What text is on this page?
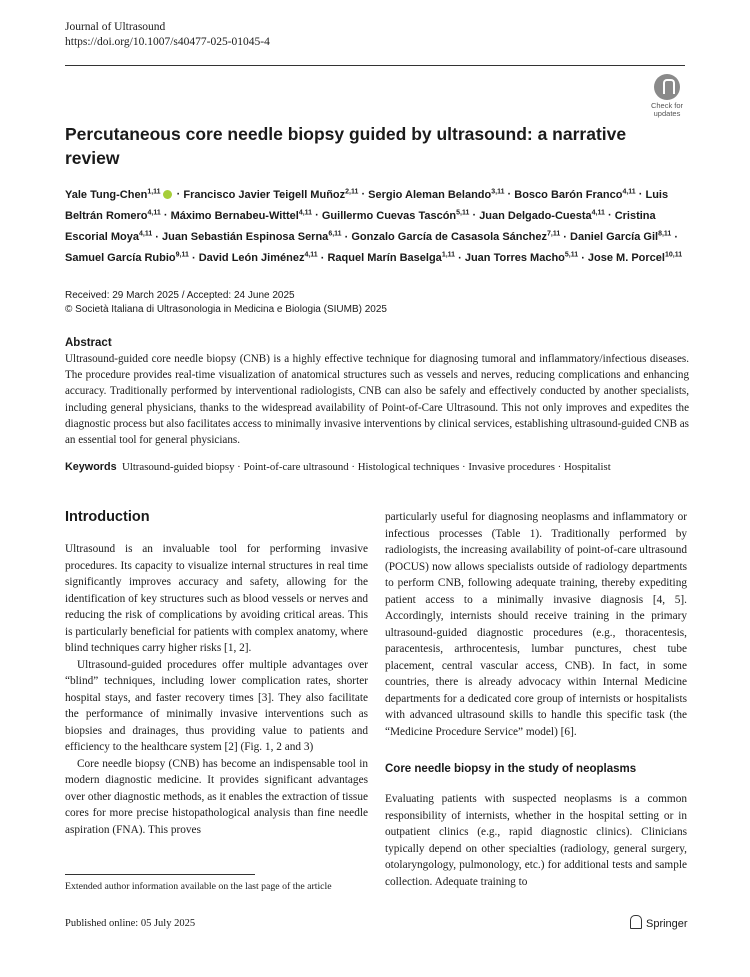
Journal of Ultrasound
https://doi.org/10.1007/s40477-025-01045-4
Check for updates
Percutaneous core needle biopsy guided by ultrasound: a narrative review
Yale Tung-Chen$^{1,11}$ · Francisco Javier Teigell Muñoz$^{2,11}$ · Sergio Aleman Belando$^{3,11}$ · Bosco Barón Franco$^{4,11}$ · Luis Beltrán Romero$^{4,11}$ · Máximo Bernabeu-Wittel$^{4,11}$ · Guillermo Cuevas Tascón$^{5,11}$ · Juan Delgado-Cuesta$^{4,11}$ · Cristina Escorial Moya$^{4,11}$ · Juan Sebastián Espinosa Serna$^{6,11}$ · Gonzalo García de Casasola Sánchez$^{7,11}$ · Daniel García Gil$^{8,11}$ · Samuel García Rubio$^{9,11}$ · David León Jiménez$^{4,11}$ · Raquel Marín Baselga$^{1,11}$ · Juan Torres Macho$^{5,11}$ · Jose M. Porcel$^{10,11}$
Received: 29 March 2025 / Accepted: 24 June 2025
© Società Italiana di Ultrasonologia in Medicina e Biologia (SIUMB) 2025
Abstract
Ultrasound-guided core needle biopsy (CNB) is a highly effective technique for diagnosing tumoral and inflammatory/infectious diseases. The procedure provides real-time visualization of anatomical structures such as vessels and nerves, reducing complications and enhancing accuracy. Traditionally performed by interventional radiologists, CNB can also be safely and effectively conducted by another specialists, including general physicians, thanks to the widespread availability of Point-of-Care Ultrasound. This not only improves and expedites the diagnostic process but also facilitates access to minimally invasive interventions by clinical services, establishing ultrasound-guided CNB as an essential tool for general physicians.
Keywords Ultrasound-guided biopsy · Point-of-care ultrasound · Histological techniques · Invasive procedures · Hospitalist
Introduction

Ultrasound is an invaluable tool for performing invasive procedures. Its capacity to visualize internal structures in real time significantly improves accuracy and safety, allowing for the identification of key structures such as blood vessels or nerves and reducing the risk of complications by avoiding critical areas. This is particularly beneficial for patients with complex anatomy, where blind techniques carry higher risks [1, 2].

Ultrasound-guided procedures offer multiple advantages over “blind” techniques, including lower complication rates, shorter hospital stays, and faster recovery times [3]. They also facilitate the performance of minimally invasive interventions such as biopsies and drainages, thus providing value to patients and efficiency to the healthcare system [2] (Fig. 1, 2 and 3)

Core needle biopsy (CNB) has become an indispensable tool in modern diagnostic medicine. It provides significant advantages over other diagnostic methods, as it enables the extraction of tissue cores for more precise histopathological analysis than fine needle aspiration (FNA). This proves

particularly useful for diagnosing neoplasms and inflammatory or infectious processes (Table 1). Traditionally performed by radiologists, the increasing availability of point-of-care ultrasound (POCUS) now allows specialists outside of radiology departments to perform CNB, following adequate training, thereby expediting patient access to a minimally invasive diagnosis [4, 5]. Accordingly, internists should receive training in the primary ultrasound-guided diagnostic procedures (e.g., thoracentesis, paracentesis, arthrocentesis, lumbar punctures, chest tube placement, central vascular access, CNB). In fact, in some countries, there is already advocacy within Internal Medicine departments for a dedicated core group of internists or hospitalists with advanced ultrasound skills to handle this specific task (the “Medicine Procedure Service” model) [6].

Core needle biopsy in the study of neoplasms

Evaluating patients with suspected neoplasms is a common responsibility of internists, whether in the hospital setting or in outpatient clinics (e.g., rapid diagnostic clinics). Clinicians typically depend on other specialties (radiology, general surgery, otolaryngology, pulmonology, etc.) for additional tests and sample collection. Adequate training to

Extended author information available on the last page of the article
Published online: 05 July 2025	Springer
